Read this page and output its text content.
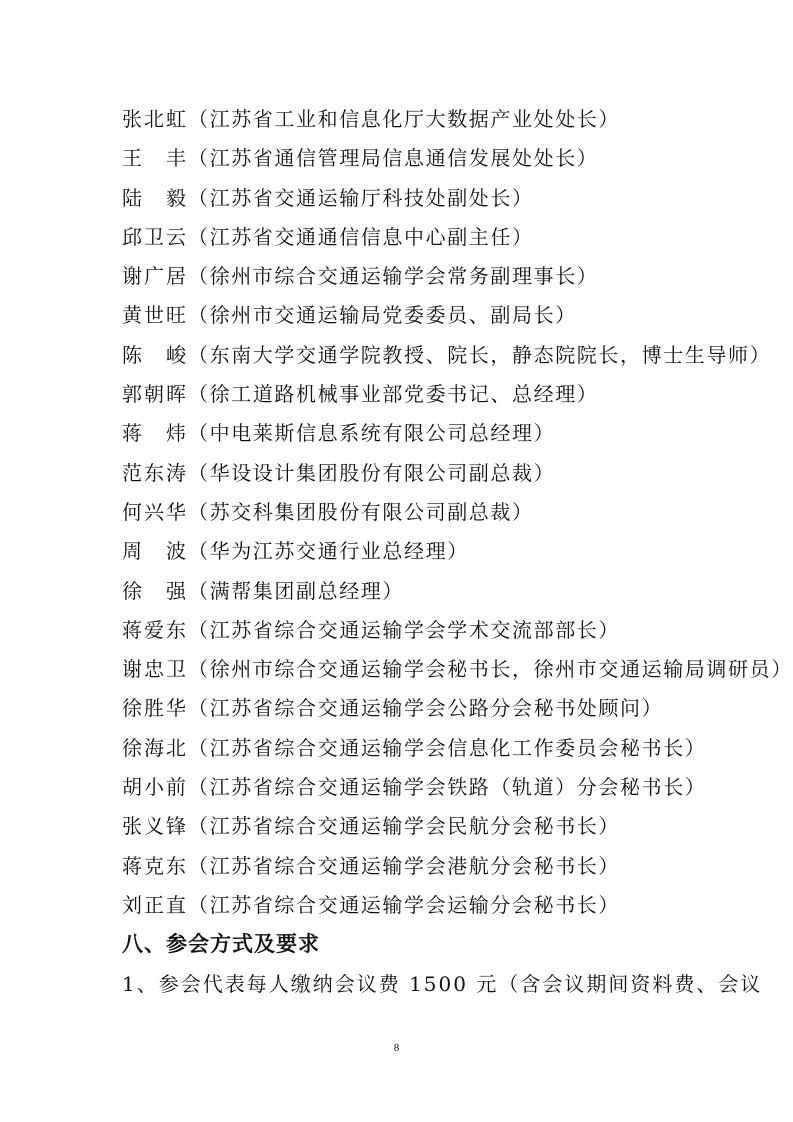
张北虹（江苏省工业和信息化厅大数据产业处处长）
王　丰（江苏省通信管理局信息通信发展处处长）
陆　毅（江苏省交通运输厅科技处副处长）
邱卫云（江苏省交通通信信息中心副主任）
谢广居（徐州市综合交通运输学会常务副理事长）
黄世旺（徐州市交通运输局党委委员、副局长）
陈　峻（东南大学交通学院教授、院长，静态院院长，博士生导师）
郭朝晖（徐工道路机械事业部党委书记、总经理）
蒋　炜（中电莱斯信息系统有限公司总经理）
范东涛（华设设计集团股份有限公司副总裁）
何兴华（苏交科集团股份有限公司副总裁）
周　波（华为江苏交通行业总经理）
徐　强（满帮集团副总经理）
蒋爱东（江苏省综合交通运输学会学术交流部部长）
谢忠卫（徐州市综合交通运输学会秘书长，徐州市交通运输局调研员）
徐胜华（江苏省综合交通运输学会公路分会秘书处顾问）
徐海北（江苏省综合交通运输学会信息化工作委员会秘书长）
胡小前（江苏省综合交通运输学会铁路（轨道）分会秘书长）
张义锋（江苏省综合交通运输学会民航分会秘书长）
蒋克东（江苏省综合交通运输学会港航分会秘书长）
刘正直（江苏省综合交通运输学会运输分会秘书长）
八、参会方式及要求
1、参会代表每人缴纳会议费 1500 元（含会议期间资料费、会议
8
